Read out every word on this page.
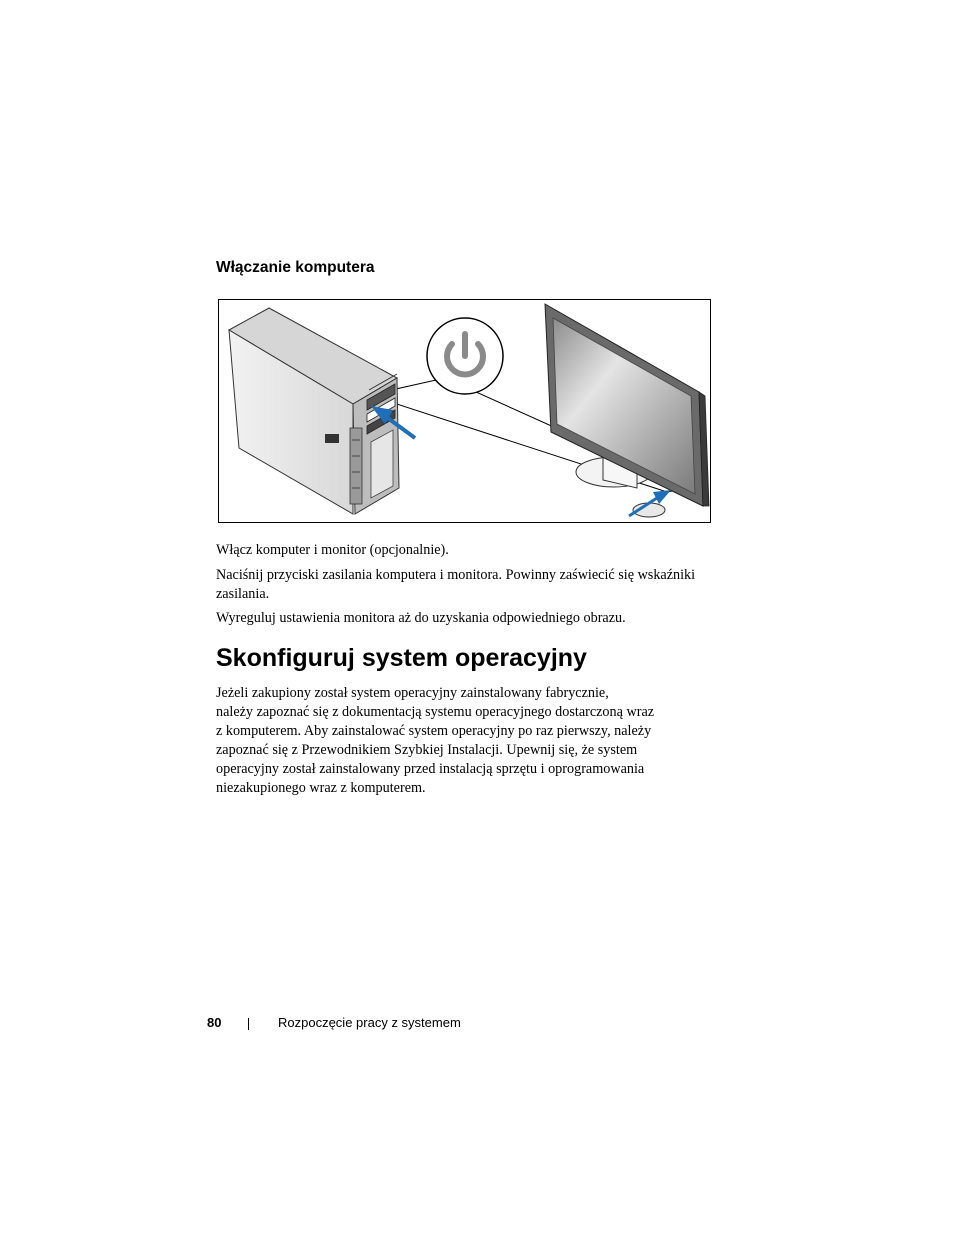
Włączanie komputera

Włącz komputer i monitor (opcjonalnie).

Naciśnij przyciski zasilania komputera i monitora. Powinny zaświecić się wskaźniki zasilania.

Wyreguluj ustawienia monitora aż do uzyskania odpowiedniego obrazu.

Skonfiguruj system operacyjny
Jeżeli zakupiony został system operacyjny zainstalowany fabrycznie,
należy zapoznać się z dokumentacją systemu operacyjnego dostarczoną wraz
z komputerem. Aby zainstalować system operacyjny po raz pierwszy, należy
zapoznać się z Przewodnikiem Szybkiej Instalacji. Upewnij się, że system
operacyjny został zainstalowany przed instalacją sprzętu i oprogramowania
niezakupionego wraz z komputerem.
80	Rozpoczęcie pracy z systemem
